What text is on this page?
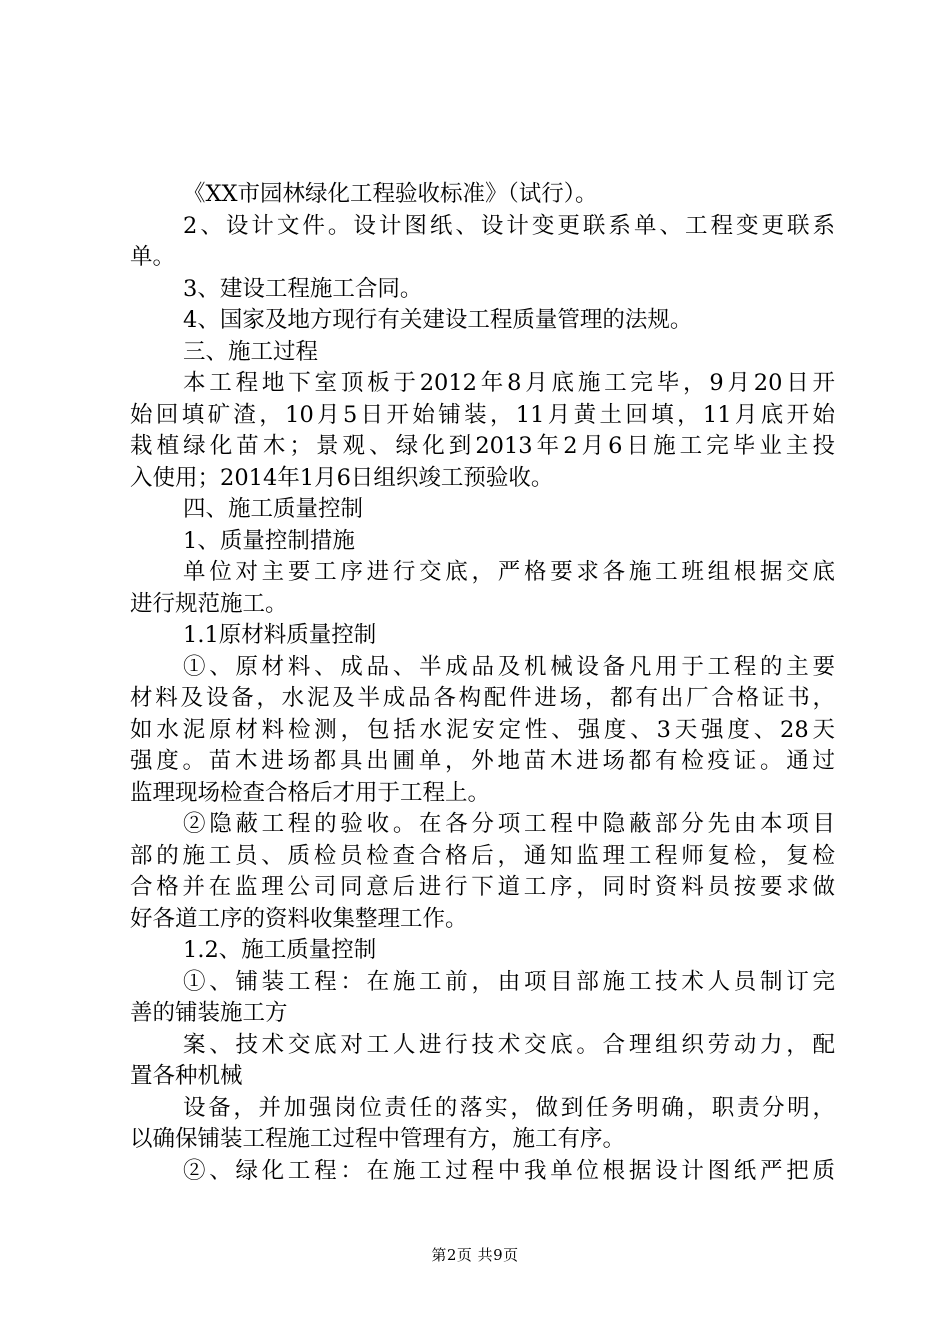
《XX市园林绿化工程验收标准》（试行）。
2、设计文件。设计图纸、设计变更联系单、工程变更联系
单。
3、建设工程施工合同。
4、国家及地方现行有关建设工程质量管理的法规。
三、施工过程
本工程地下室顶板于2012年8月底施工完毕，9月20日开
始回填矿渣，10月5日开始铺装，11月黄土回填，11月底开始
栽植绿化苗木；景观、绿化到2013年2月6日施工完毕业主投
入使用；2014年1月6日组织竣工预验收。
四、施工质量控制
1、质量控制措施
单位对主要工序进行交底，严格要求各施工班组根据交底
进行规范施工。
1.1原材料质量控制
①、原材料、成品、半成品及机械设备凡用于工程的主要
材料及设备，水泥及半成品各构配件进场，都有出厂合格证书，
如水泥原材料检测，包括水泥安定性、强度、3天强度、28天
强度。苗木进场都具出圃单，外地苗木进场都有检疫证。通过
监理现场检查合格后才用于工程上。
②隐蔽工程的验收。在各分项工程中隐蔽部分先由本项目
部的施工员、质检员检查合格后，通知监理工程师复检，复检
合格并在监理公司同意后进行下道工序，同时资料员按要求做
好各道工序的资料收集整理工作。
1.2、施工质量控制
①、铺装工程：在施工前，由项目部施工技术人员制订完
善的铺装施工方
案、技术交底对工人进行技术交底。合理组织劳动力，配
置各种机械
设备，并加强岗位责任的落实，做到任务明确，职责分明，
以确保铺装工程施工过程中管理有方，施工有序。
②、绿化工程：在施工过程中我单位根据设计图纸严把质
第2页 共9页
